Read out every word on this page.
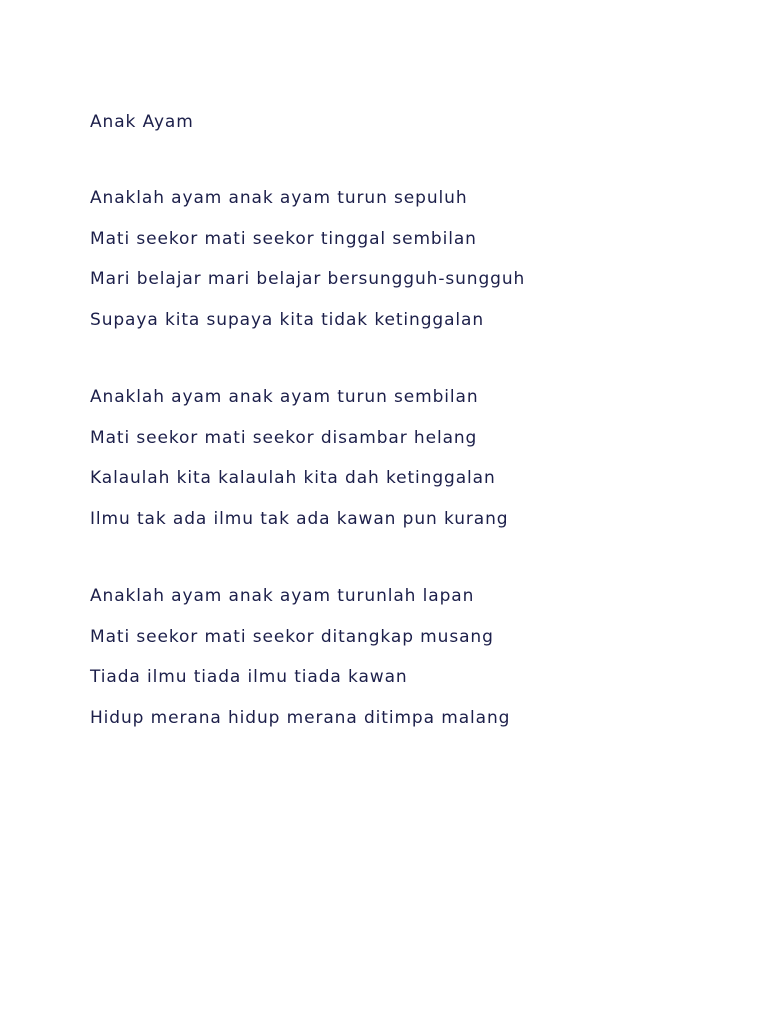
Anak Ayam
Anaklah ayam anak ayam turun sepuluh
Mati seekor mati seekor tinggal sembilan
Mari belajar mari belajar bersungguh-sungguh
Supaya kita supaya kita tidak ketinggalan
Anaklah ayam anak ayam turun sembilan
Mati seekor mati seekor disambar helang
Kalaulah kita kalaulah kita dah ketinggalan
Ilmu tak ada ilmu tak ada kawan pun kurang
Anaklah ayam anak ayam turunlah lapan
Mati seekor mati seekor ditangkap musang
Tiada ilmu tiada ilmu tiada kawan
Hidup merana hidup merana ditimpa malang
